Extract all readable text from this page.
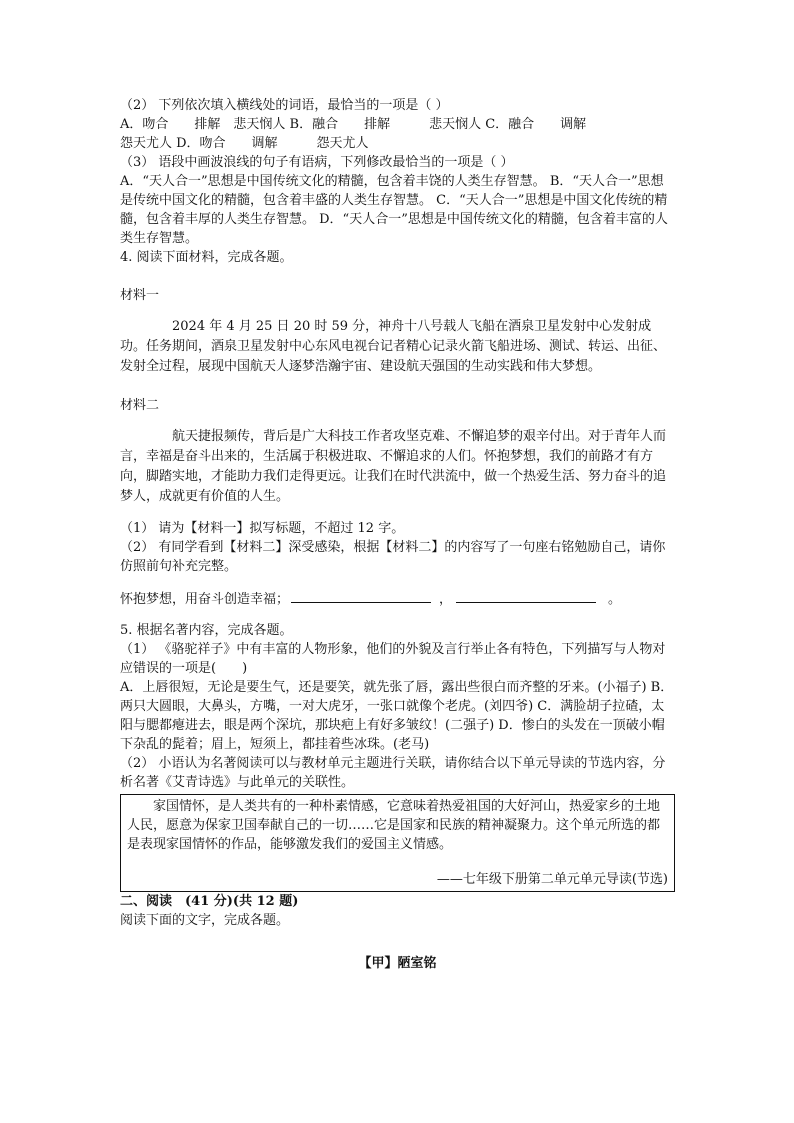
（2） 下列依次填入横线处的词语，最恰当的一项是（ ）
A．吻合　　排解　悲天悯人 B．融合　　排解　　　悲天悯人 C．融合　　调解
怨天尤人 D．吻合　　调解　　　怨天尤人
（3） 语段中画波浪线的句子有语病，下列修改最恰当的一项是（ ）
A．“天人合一”思想是中国传统文化的精髓，包含着丰饶的人类生存智慧。 B．“天人合一”思想是传统中国文化的精髓，包含着丰盛的人类生存智慧。 C．“天人合一”思想是中国文化传统的精髓，包含着丰厚的人类生存智慧。 D．“天人合一”思想是中国传统文化的精髓，包含着丰富的人类生存智慧。
4. 阅读下面材料，完成各题。
材料一
2024 年 4 月 25 日 20 时 59 分，神舟十八号载人飞船在酒泉卫星发射中心发射成功。任务期间，酒泉卫星发射中心东风电视台记者精心记录火箭飞船进场、测试、转运、出征、发射全过程，展现中国航天人逐梦浩瀚宇宙、建设航天强国的生动实践和伟大梦想。
材料二
航天捷报频传，背后是广大科技工作者攻坚克难、不懈追梦的艰辛付出。对于青年人而言，幸福是奋斗出来的，生活属于积极进取、不懈追求的人们。怀抱梦想，我们的前路才有方向，脚踏实地，才能助力我们走得更远。让我们在时代洪流中，做一个热爱生活、努力奋斗的追梦人，成就更有价值的人生。
（1） 请为【材料一】拟写标题，不超过 12 字。
（2） 有同学看到【材料二】深受感染，根据【材料二】的内容写了一句座右铭勉励自己，请你仿照前句补充完整。
怀抱梦想，用奋斗创造幸福；	，	。
5. 根据名著内容，完成各题。
（1） 《骆驼祥子》中有丰富的人物形象，他们的外貌及言行举止各有特色，下列描写与人物对应错误的一项是(　　)
A．上唇很短，无论是要生气，还是要笑，就先张了唇，露出些很白而齐整的牙来。(小福子) B．两只大圆眼，大鼻头，方嘴，一对大虎牙，一张口就像个老虎。(刘四爷) C．满脸胡子拉碴，太阳与腮都瘪进去，眼是两个深坑，那块疤上有好多皱纹！(二强子) D．惨白的头发在一顶破小帽下杂乱的髭着；眉上，短须上，都挂着些冰珠。(老马)
（2） 小语认为名著阅读可以与教材单元主题进行关联，请你结合以下单元导读的节选内容，分析名著《艾青诗选》与此单元的关联性。
家国情怀，是人类共有的一种朴素情感，它意味着热爱祖国的大好河山，热爱家乡的土地人民，愿意为保家卫国奉献自己的一切……它是国家和民族的精神凝聚力。这个单元所选的都是表现家国情怀的作品，能够激发我们的爱国主义情感。
——七年级下册第二单元单元导读(节选)
二、阅读　(41 分)(共 12 题)
阅读下面的文字，完成各题。
【甲】陋室铭
